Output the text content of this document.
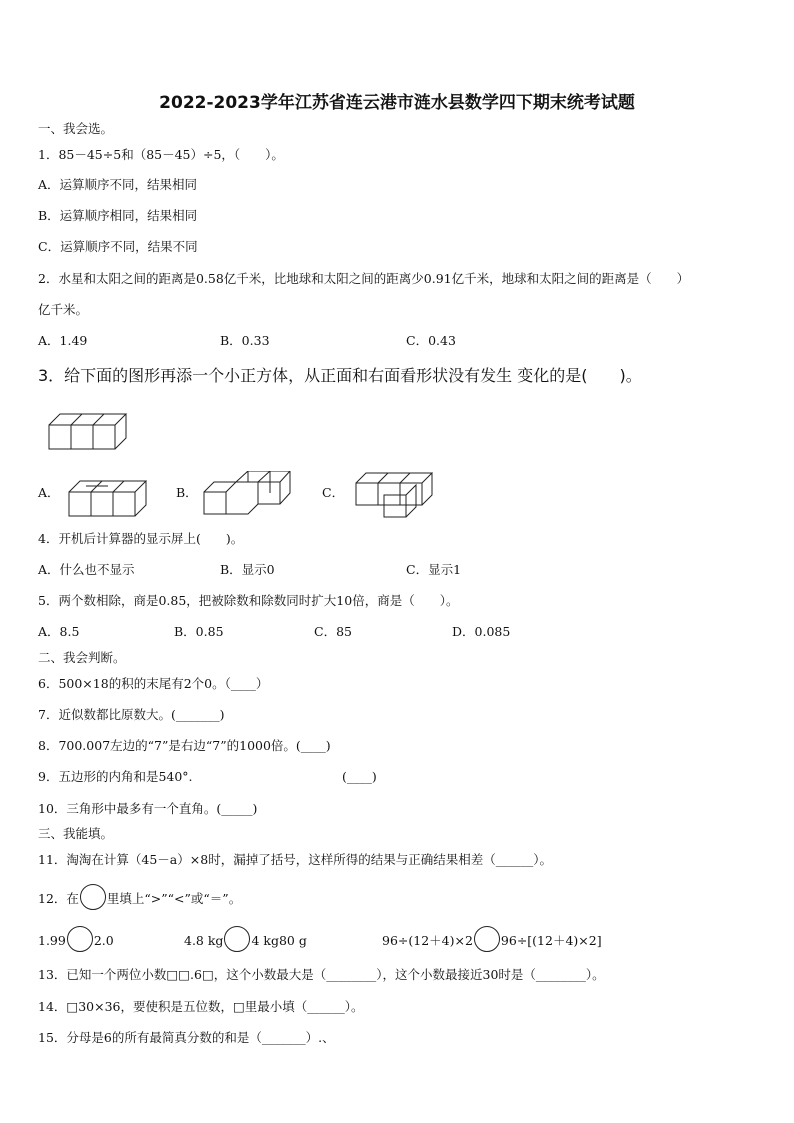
2022-2023学年江苏省连云港市涟水县数学四下期末统考试题
一、我会选。
1．85－45÷5和（85－45）÷5，（　　）。
A．运算顺序不同，结果相同
B．运算顺序相同，结果相同
C．运算顺序不同，结果不同
2．水星和太阳之间的距离是0.58亿千米，比地球和太阳之间的距离少0.91亿千米，地球和太阳之间的距离是（　　）
亿千米。
A．1.49	B．0.33	C．0.43
3．给下面的图形再添一个小正方体，从正面和右面看形状没有发生 变化的是(　　)。
A．	B．	C．
4．开机后计算器的显示屏上(　　)。
A．什么也不显示	B．显示0	C．显示1
5．两个数相除，商是0.85，把被除数和除数同时扩大10倍，商是（　　）。
A．8.5	B．0.85	C．85	D．0.085
二、我会判断。
6．500×18的积的末尾有2个0。（____）
7．近似数都比原数大。(_______)
8．700.007左边的“7”是右边“7”的1000倍。(____)
9．五边形的内角和是540°.	(____)
10．三角形中最多有一个直角。(_____)
三、我能填。
11．淘淘在计算（45－a）×8时，漏掉了括号，这样所得的结果与正确结果相差（______）。
12．在 里填上“>”“<”或“＝”。
1.99 2.0	4.8 kg 4 kg80 g	96÷(12＋4)×2 96÷[(12＋4)×2]
13．已知一个两位小数□□.6□，这个小数最大是（________），这个小数最接近30时是（________）。
14．□30×36，要使积是五位数，□里最小填（______）。
15．分母是6的所有最简真分数的和是（_______）.、
